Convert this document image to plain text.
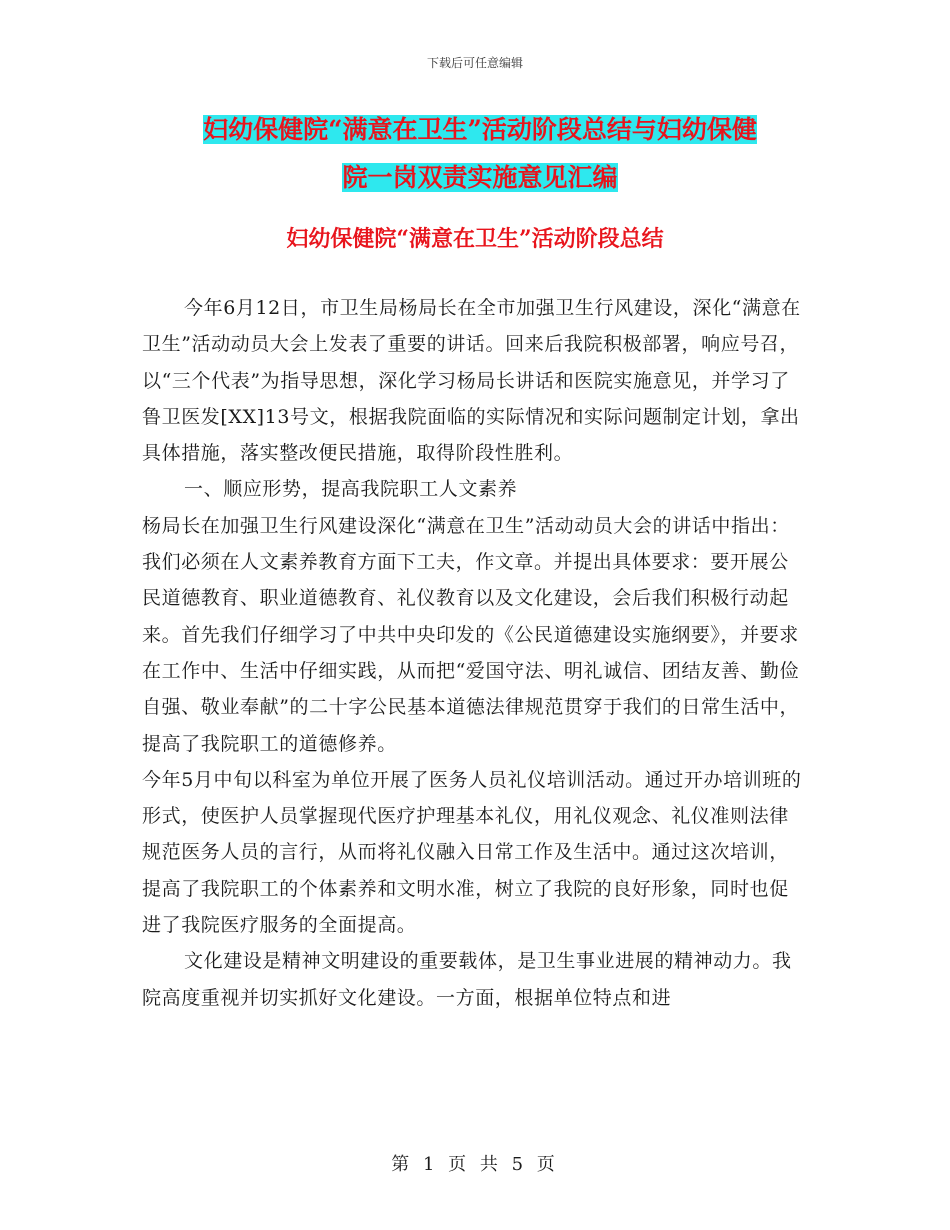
下载后可任意编辑
妇幼保健院“满意在卫生”活动阶段总结与妇幼保健
院一岗双责实施意见汇编
妇幼保健院“满意在卫生”活动阶段总结

今年6月12日，市卫生局杨局长在全市加强卫生行风建设，深化“满意在卫生”活动动员大会上发表了重要的讲话。回来后我院积极部署，响应号召，以“三个代表”为指导思想，深化学习杨局长讲话和医院实施意见，并学习了鲁卫医发[XX]13号文，根据我院面临的实际情况和实际问题制定计划，拿出具体措施，落实整改便民措施，取得阶段性胜利。

一、顺应形势，提高我院职工人文素养

杨局长在加强卫生行风建设深化“满意在卫生”活动动员大会的讲话中指出：我们必须在人文素养教育方面下工夫，作文章。并提出具体要求：要开展公民道德教育、职业道德教育、礼仪教育以及文化建设，会后我们积极行动起来。首先我们仔细学习了中共中央印发的《公民道德建设实施纲要》，并要求在工作中、生活中仔细实践，从而把“爱国守法、明礼诚信、团结友善、勤俭自强、敬业奉献”的二十字公民基本道德法律规范贯穿于我们的日常生活中，提高了我院职工的道德修养。

今年5月中旬以科室为单位开展了医务人员礼仪培训活动。通过开办培训班的形式，使医护人员掌握现代医疗护理基本礼仪，用礼仪观念、礼仪准则法律规范医务人员的言行，从而将礼仪融入日常工作及生活中。通过这次培训，提高了我院职工的个体素养和文明水准，树立了我院的良好形象，同时也促进了我院医疗服务的全面提高。

文化建设是精神文明建设的重要载体，是卫生事业进展的精神动力。我院高度重视并切实抓好文化建设。一方面，根据单位特点和进

第 1 页 共 5 页
